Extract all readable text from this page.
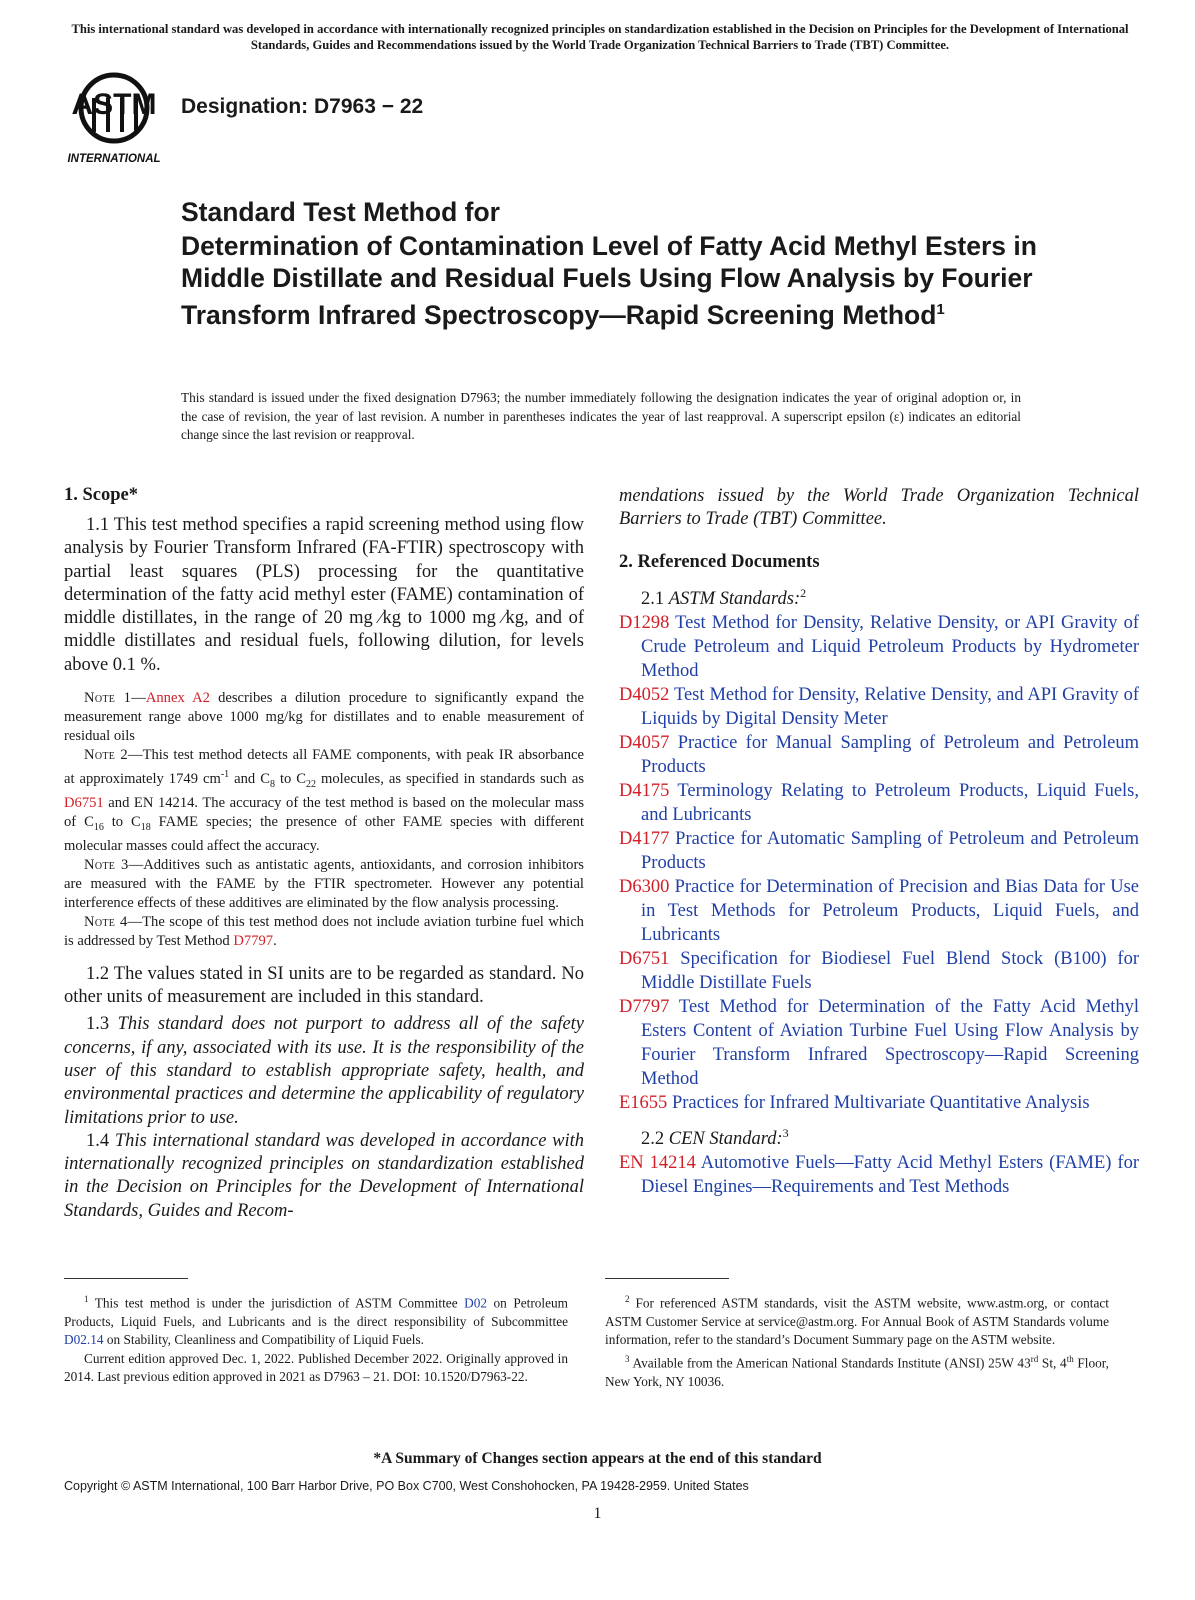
This international standard was developed in accordance with internationally recognized principles on standardization established in the Decision on Principles for the Development of International Standards, Guides and Recommendations issued by the World Trade Organization Technical Barriers to Trade (TBT) Committee.
ASTM
INTERNATIONAL
Designation: D7963 − 22
Standard Test Method for
Determination of Contamination Level of Fatty Acid Methyl Esters in Middle Distillate and Residual Fuels Using Flow Analysis by Fourier Transform Infrared Spectroscopy—Rapid Screening Method$^1$
This standard is issued under the fixed designation D7963; the number immediately following the designation indicates the year of original adoption or, in the case of revision, the year of last revision. A number in parentheses indicates the year of last reapproval. A superscript epsilon (ε) indicates an editorial change since the last revision or reapproval.
1. Scope*

1.1 This test method specifies a rapid screening method using flow analysis by Fourier Transform Infrared (FA-FTIR) spectroscopy with partial least squares (PLS) processing for the quantitative determination of the fatty acid methyl ester (FAME) contamination of middle distillates, in the range of 20 mg ⁄kg to 1000 mg ⁄kg, and of middle distillates and residual fuels, following dilution, for levels above 0.1 %.

Note 1—Annex A2 describes a dilution procedure to significantly expand the measurement range above 1000 mg/kg for distillates and to enable measurement of residual oils

Note 2—This test method detects all FAME components, with peak IR absorbance at approximately 1749 $cm^{-1}$ and $C_8$ to $C_{22}$ molecules, as specified in standards such as D6751 and EN 14214. The accuracy of the test method is based on the molecular mass of $C_{16}$ to $C_{18}$ FAME species; the presence of other FAME species with different molecular masses could affect the accuracy.

Note 3—Additives such as antistatic agents, antioxidants, and corrosion inhibitors are measured with the FAME by the FTIR spectrometer. However any potential interference effects of these additives are eliminated by the flow analysis processing.

Note 4—The scope of this test method does not include aviation turbine fuel which is addressed by Test Method D7797.

1.2 The values stated in SI units are to be regarded as standard. No other units of measurement are included in this standard.

1.3 This standard does not purport to address all of the safety concerns, if any, associated with its use. It is the responsibility of the user of this standard to establish appropriate safety, health, and environmental practices and determine the applicability of regulatory limitations prior to use.

1.4 This international standard was developed in accordance with internationally recognized principles on standardization established in the Decision on Principles for the Development of International Standards, Guides and Recom-

mendations issued by the World Trade Organization Technical Barriers to Trade (TBT) Committee.

2. Referenced Documents

2.1 ASTM Standards:$^2$

D1298 Test Method for Density, Relative Density, or API Gravity of Crude Petroleum and Liquid Petroleum Products by Hydrometer Method

D4052 Test Method for Density, Relative Density, and API Gravity of Liquids by Digital Density Meter

D4057 Practice for Manual Sampling of Petroleum and Petroleum Products

D4175 Terminology Relating to Petroleum Products, Liquid Fuels, and Lubricants

D4177 Practice for Automatic Sampling of Petroleum and Petroleum Products

D6300 Practice for Determination of Precision and Bias Data for Use in Test Methods for Petroleum Products, Liquid Fuels, and Lubricants

D6751 Specification for Biodiesel Fuel Blend Stock (B100) for Middle Distillate Fuels

D7797 Test Method for Determination of the Fatty Acid Methyl Esters Content of Aviation Turbine Fuel Using Flow Analysis by Fourier Transform Infrared Spectroscopy—Rapid Screening Method

E1655 Practices for Infrared Multivariate Quantitative Analysis

2.2 CEN Standard:$^3$

EN 14214 Automotive Fuels—Fatty Acid Methyl Esters (FAME) for Diesel Engines—Requirements and Test Methods

$^1$ This test method is under the jurisdiction of ASTM Committee D02 on Petroleum Products, Liquid Fuels, and Lubricants and is the direct responsibility of Subcommittee D02.14 on Stability, Cleanliness and Compatibility of Liquid Fuels.

Current edition approved Dec. 1, 2022. Published December 2022. Originally approved in 2014. Last previous edition approved in 2021 as D7963 – 21. DOI: 10.1520/D7963-22.

$^2$ For referenced ASTM standards, visit the ASTM website, www.astm.org, or contact ASTM Customer Service at service@astm.org. For Annual Book of ASTM Standards volume information, refer to the standard’s Document Summary page on the ASTM website.

$^3$ Available from the American National Standards Institute (ANSI) 25W 43rd St, 4th Floor, New York, NY 10036.

*A Summary of Changes section appears at the end of this standard
Copyright © ASTM International, 100 Barr Harbor Drive, PO Box C700, West Conshohocken, PA 19428-2959. United States
1
